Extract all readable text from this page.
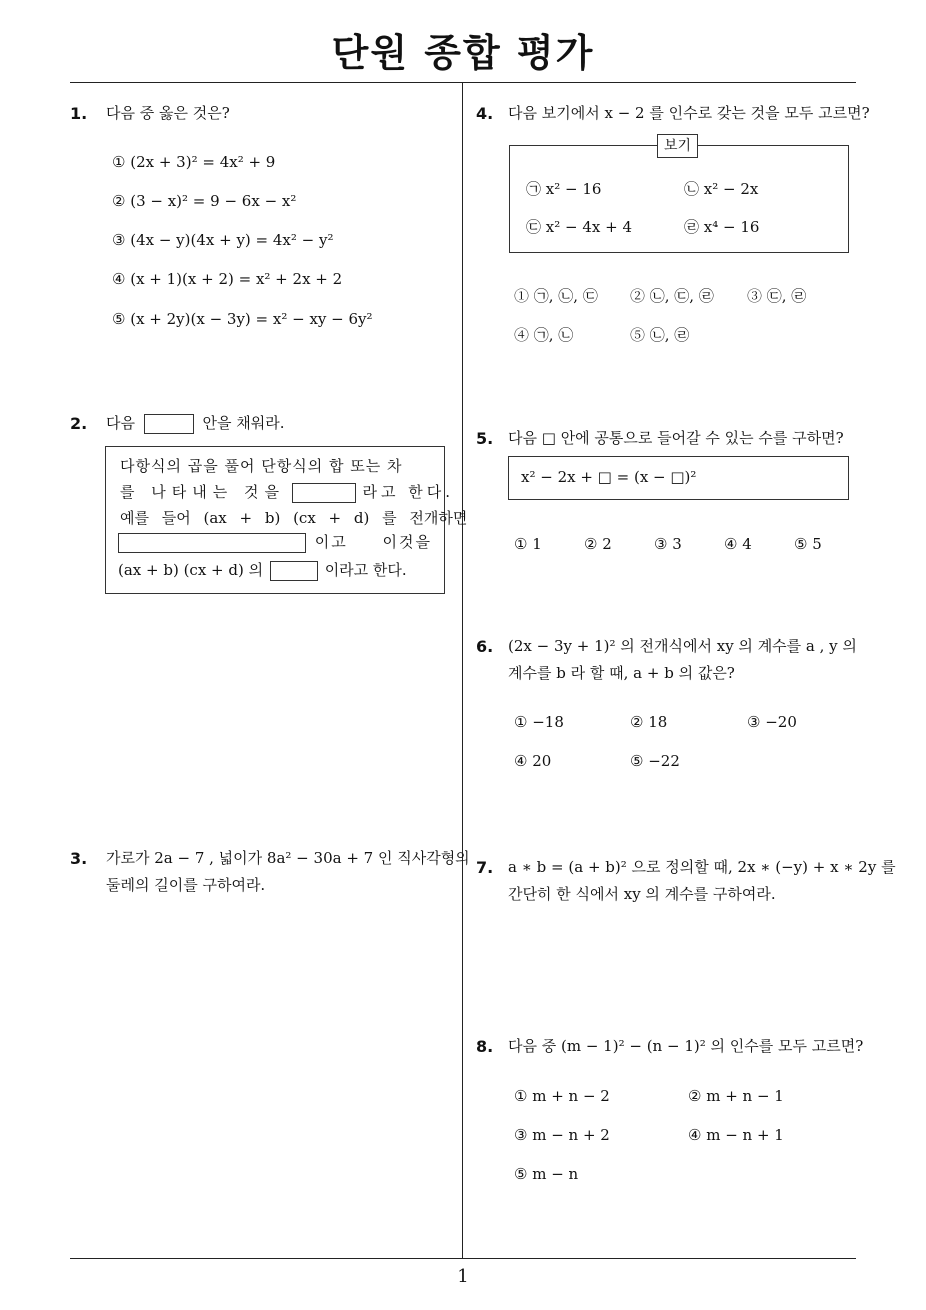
단원 종합 평가
1. 다음 중 옳은 것은?
① (2x + 3)² = 4x² + 9
② (3 − x)² = 9 − 6x − x²
③ (4x − y)(4x + y) = 4x² − y²
④ (x + 1)(x + 2) = x² + 2x + 2
⑤ (x + 2y)(x − 3y) = x² − xy − 6y²
2. 다음	안을 채워라.
다항식의 곱을 풀어 단항식의 합 또는 차
를 나타내는 것을	라고 한다.
예를 들어 (ax + b) (cx + d) 를 전개하면
이고 이것을
(ax + b) (cx + d) 의	이라고 한다.
3. 가로가 2a − 7 , 넓이가 8a² − 30a + 7 인 직사각형의
둘레의 길이를 구하여라.
4. 다음 보기에서 x − 2 를 인수로 갖는 것을 모두 고르면?
보기
㉠ x² − 16	㉡ x² − 2x
㉢ x² − 4x + 4	㉣ x⁴ − 16
① ㉠, ㉡, ㉢ ② ㉡, ㉢, ㉣ ③ ㉢, ㉣
④ ㉠, ㉡	⑤ ㉡, ㉣
5. 다음 □ 안에 공통으로 들어갈 수 있는 수를 구하면?
x² − 2x + □ = (x − □)²
① 1	② 2	③ 3	④ 4	⑤ 5
6. (2x − 3y + 1)² 의 전개식에서 xy 의 계수를 a , y 의
계수를 b 라 할 때, a + b 의 값은?
① −18	② 18	③ −20
④ 20	⑤ −22
7. a ∗ b = (a + b)² 으로 정의할 때, 2x ∗ (−y) + x ∗ 2y 를
간단히 한 식에서 xy 의 계수를 구하여라.
8. 다음 중 (m − 1)² − (n − 1)² 의 인수를 모두 고르면?
① m + n − 2	② m + n − 1
③ m − n + 2	④ m − n + 1
⑤ m − n
1
